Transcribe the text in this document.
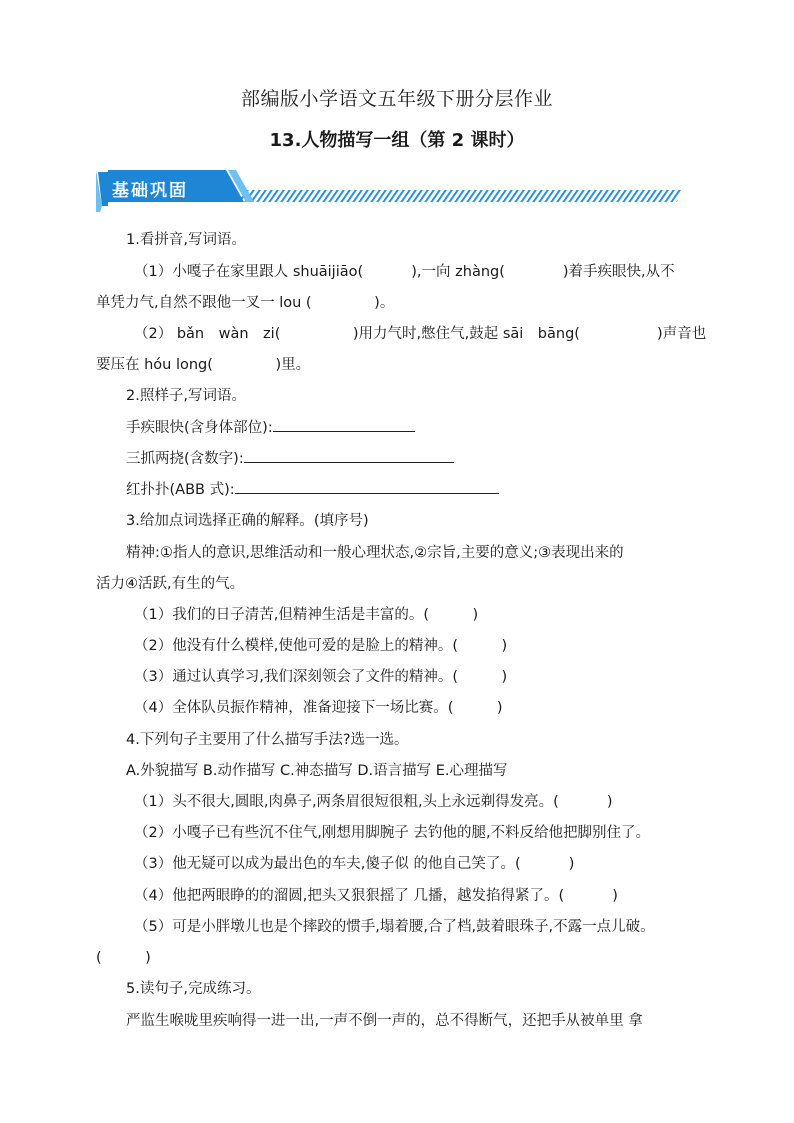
部编版小学语文五年级下册分层作业
13.人物描写一组（第 2 课时）
基础巩固
1.看拼音,写词语。
（1）小嘎子在家里跟人 shuāijiāo(　　　 ),一向 zhàng(　　　　)着手疾眼快,从不
单凭力气,自然不跟他一叉一 lou (　　　　 )。
（2） bǎn　wàn　zi(　　　　　)用力气时,憋住气,鼓起 sāi　bāng(　　　　　 )声音也
要压在 hóu long(　　　　 )里。
2.照样子,写词语。
手疾眼快(含身体部位):
三抓两挠(含数字):
红扑扑(ABB 式):
3.给加点词选择正确的解释。(填序号)
精神:①指人的意识,思维活动和一般心理状态,②宗旨,主要的意义;③表现出来的
活力④活跃,有生的气。
（1）我们的日子清苦,但精神生活是丰富的。(　　　)
（2）他没有什么模样,使他可爱的是脸上的精神。(　　　)
（3）通过认真学习,我们深刻领会了文件的精神。(　　　)
（4）全体队员振作精神，准备迎接下一场比赛。(　　　)
4.下列句子主要用了什么描写手法?选一选。
A.外貌描写 B.动作描写 C.神态描写 D.语言描写 E.心理描写
（1）头不很大,圆眼,肉鼻子,两条眉很短很粗,头上永远剃得发亮。(　　　 )
（2）小嘎子已有些沉不住气,刚想用脚腕子 去钓他的腿,不料反给他把脚别住了。
（3）他无疑可以成为最出色的车夫,傻子似 的他自己笑了。(　　　 )
（4）他把两眼睁的的溜圆,把头又狠狠摇了 几播，越发掐得紧了。(　　　 )
（5）可是小胖墩儿也是个摔跤的惯手,塌着腰,合了档,鼓着眼珠子,不露一点儿破。
(　　　)
5.读句子,完成练习。
严监生喉咙里疾响得一进一出,一声不倒一声的，总不得断气，还把手从被单里 拿
